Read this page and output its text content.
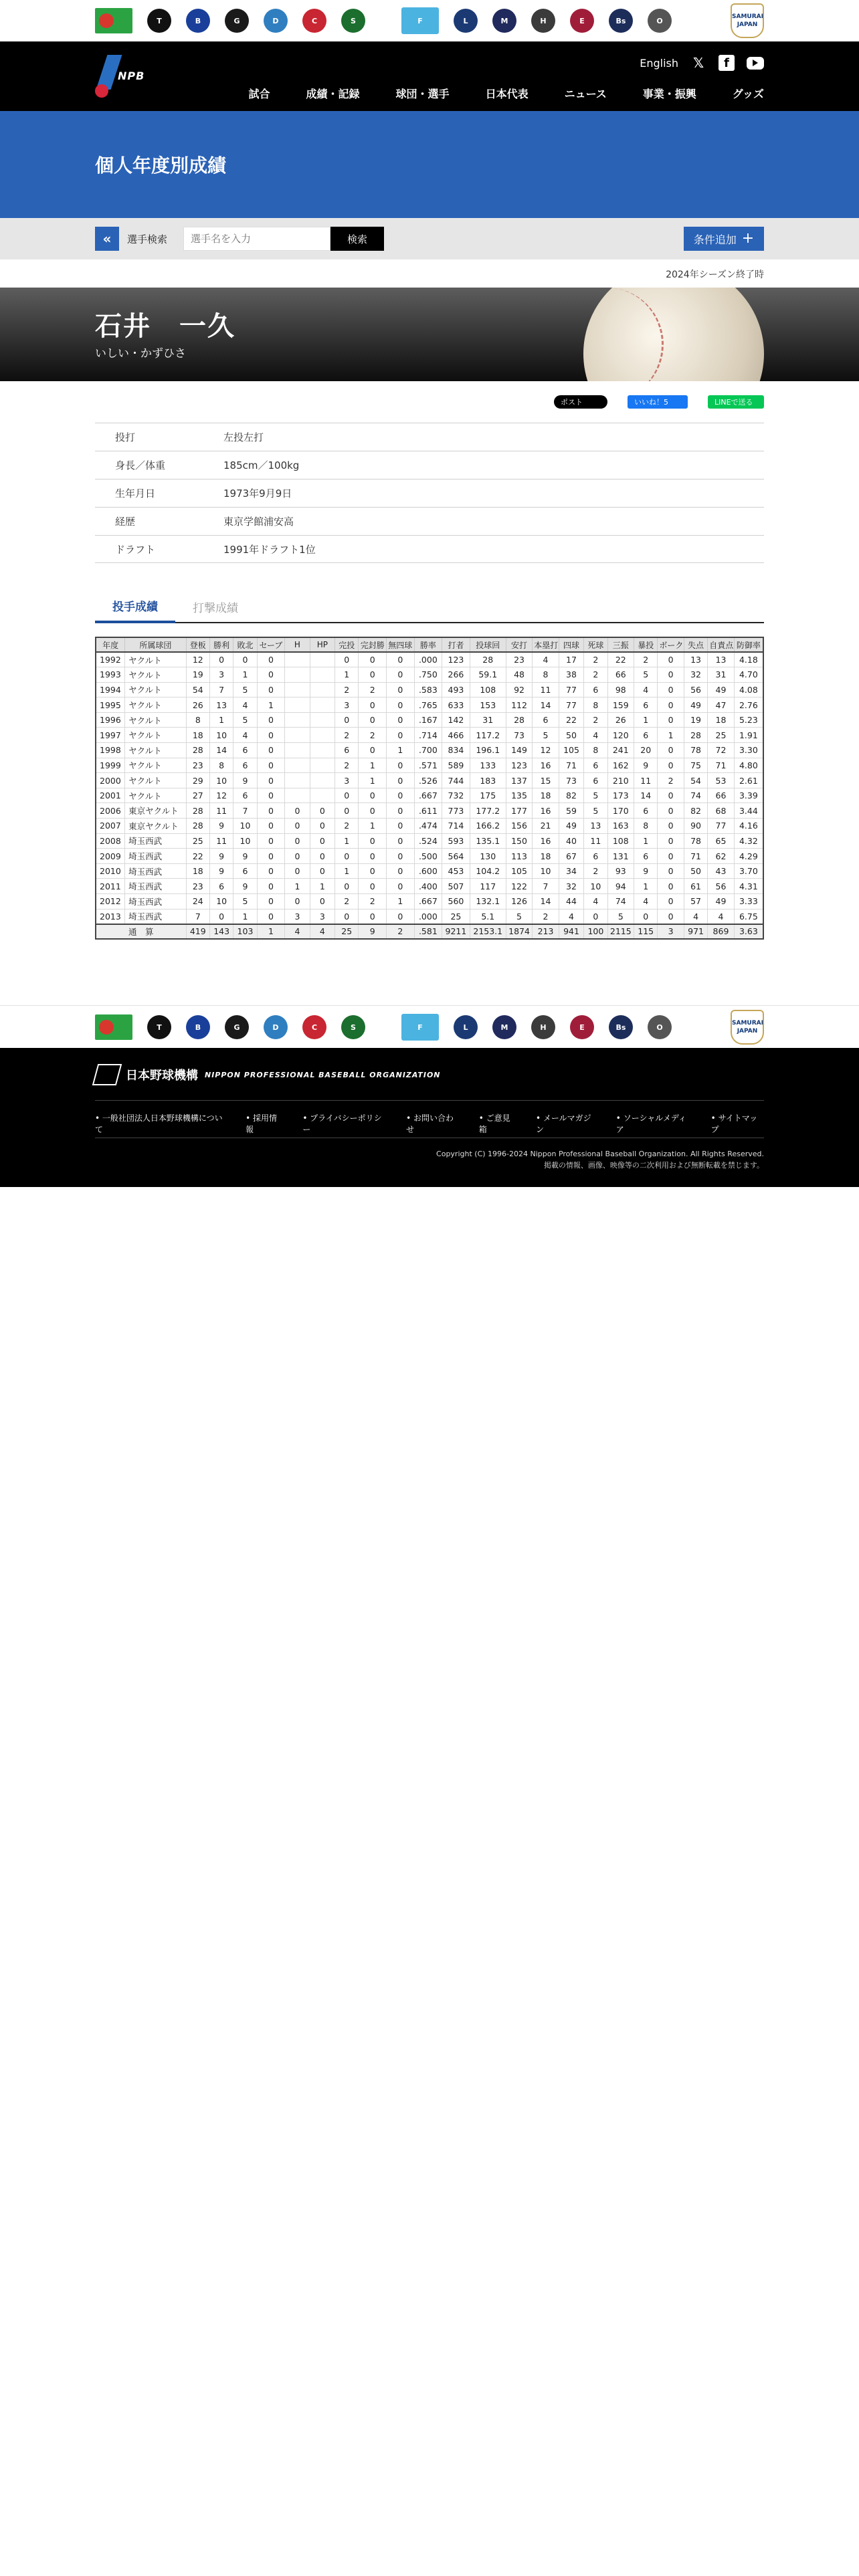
T	B	G	D	C	S	F	L	M	H	E	Bs	O	SAMURAI JAPAN
NPB
English 𝕏	f
試合	成績・記録	球団・選手	日本代表	ニュース	事業・振興	グッズ
個人年度別成績
«	選手検索
選手名を入力	検索	条件追加 +
2024年シーズン終了時
石井　一久
いしい・かずひさ
ポスト	いいね！5	LINEで送る
投打	左投左打
身長／体重	185cm／100kg
生年月日	1973年9月9日
経歴	東京学館浦安高
ドラフト	1991年ドラフト1位
投手成績	打撃成績
年度	所属球団	登板	勝利	敗北	セーブ	H	HP	完投	完封勝	無四球	勝率	打者	投球回	安打	本塁打	四球	死球	三振	暴投	ボーク	失点	自責点	防御率
1992	ヤクルト	12	0	0	0			0	0	0	.000	123	28	23	4	17	2	22	2	0	13	13	4.18
1993	ヤクルト	19	3	1	0			1	0	0	.750	266	59.1	48	8	38	2	66	5	0	32	31	4.70
1994	ヤクルト	54	7	5	0			2	2	0	.583	493	108	92	11	77	6	98	4	0	56	49	4.08
1995	ヤクルト	26	13	4	1			3	0	0	.765	633	153	112	14	77	8	159	6	0	49	47	2.76
1996	ヤクルト	8	1	5	0			0	0	0	.167	142	31	28	6	22	2	26	1	0	19	18	5.23
1997	ヤクルト	18	10	4	0			2	2	0	.714	466	117.2	73	5	50	4	120	6	1	28	25	1.91
1998	ヤクルト	28	14	6	0			6	0	1	.700	834	196.1	149	12	105	8	241	20	0	78	72	3.30
1999	ヤクルト	23	8	6	0			2	1	0	.571	589	133	123	16	71	6	162	9	0	75	71	4.80
2000	ヤクルト	29	10	9	0			3	1	0	.526	744	183	137	15	73	6	210	11	2	54	53	2.61
2001	ヤクルト	27	12	6	0			0	0	0	.667	732	175	135	18	82	5	173	14	0	74	66	3.39
2006	東京ヤクルト	28	11	7	0	0	0	0	0	0	.611	773	177.2	177	16	59	5	170	6	0	82	68	3.44
2007	東京ヤクルト	28	9	10	0	0	0	2	1	0	.474	714	166.2	156	21	49	13	163	8	0	90	77	4.16
2008	埼玉西武	25	11	10	0	0	0	1	0	0	.524	593	135.1	150	16	40	11	108	1	0	78	65	4.32
2009	埼玉西武	22	9	9	0	0	0	0	0	0	.500	564	130	113	18	67	6	131	6	0	71	62	4.29
2010	埼玉西武	18	9	6	0	0	0	1	0	0	.600	453	104.2	105	10	34	2	93	9	0	50	43	3.70
2011	埼玉西武	23	6	9	0	1	1	0	0	0	.400	507	117	122	7	32	10	94	1	0	61	56	4.31
2012	埼玉西武	24	10	5	0	0	0	2	2	1	.667	560	132.1	126	14	44	4	74	4	0	57	49	3.33
2013	埼玉西武	7	0	1	0	3	3	0	0	0	.000	25	5.1	5	2	4	0	5	0	0	4	4	6.75
通　算		419	143	103	1	4	4	25	9	2	.581	9211	2153.1	1874	213	941	100	2115	115	3	971	869	3.63
T	B	G	D	C	S	F	L	M	H	E	Bs	O	SAMURAI JAPAN
日本野球機構 NIPPON PROFESSIONAL BASEBALL ORGANIZATION
• 一般社団法人日本野球機構について
• 採用情報
• プライバシーポリシー
• お問い合わせ
• ご意見箱
• メールマガジン
• ソーシャルメディア
• サイトマップ
Copyright (C) 1996-2024 Nippon Professional Baseball Organization. All Rights Reserved.
掲載の情報、画像、映像等の二次利用および無断転載を禁じます。
